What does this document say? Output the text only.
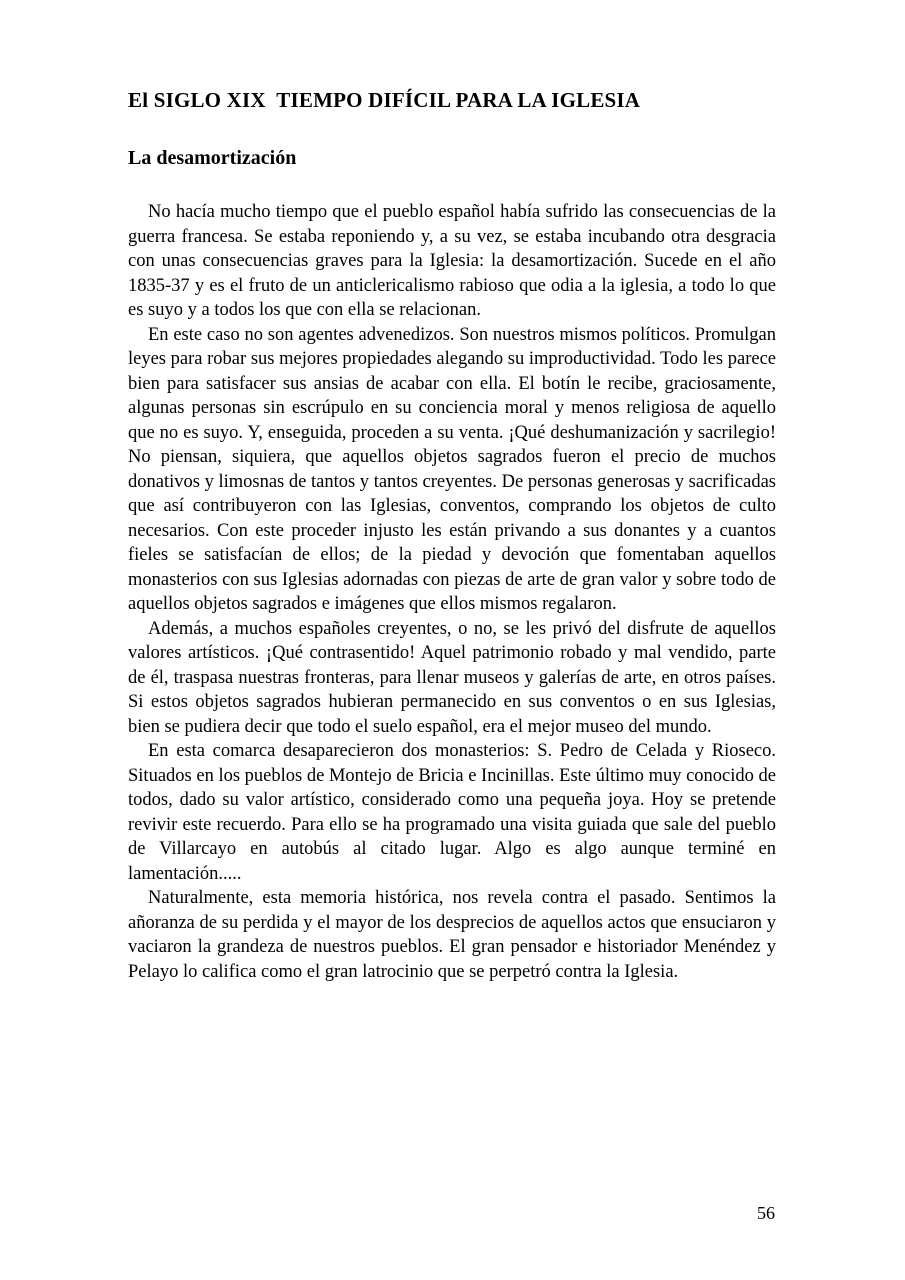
El SIGLO XIX  TIEMPO DIFÍCIL PARA LA IGLESIA
La desamortización

No hacía mucho tiempo que el pueblo español había sufrido las consecuencias de la guerra francesa. Se estaba reponiendo y, a su vez, se estaba incubando otra desgracia con unas consecuencias graves para la Iglesia: la desamortización. Sucede en el año 1835-37 y es el fruto de un anticlericalismo rabioso que odia a la iglesia, a todo lo que es suyo y a todos los que con ella se relacionan.

En este caso no son agentes advenedizos. Son nuestros mismos políticos. Promulgan leyes para robar sus mejores propiedades alegando su improductividad. Todo les parece bien para satisfacer sus ansias de acabar con ella. El botín le recibe, graciosamente, algunas personas sin escrúpulo en su conciencia moral y menos religiosa de aquello que no es suyo. Y, enseguida, proceden a su venta. ¡Qué deshumanización y sacrilegio! No piensan, siquiera, que aquellos objetos sagrados fueron el precio de muchos donativos y limosnas de tantos y tantos creyentes. De personas generosas y sacrificadas que así contribuyeron con las Iglesias, conventos, comprando los objetos de culto necesarios. Con este proceder injusto les están privando a sus donantes y a cuantos fieles se satisfacían de ellos; de la piedad y devoción que fomentaban aquellos monasterios con sus Iglesias adornadas con piezas de arte de gran valor y sobre todo de aquellos objetos sagrados e imágenes que ellos mismos regalaron.

Además, a muchos españoles creyentes, o no, se les privó del disfrute de aquellos valores artísticos. ¡Qué contrasentido! Aquel patrimonio robado y mal vendido, parte de él, traspasa nuestras fronteras, para llenar museos y galerías de arte, en otros países. Si estos objetos sagrados hubieran permanecido en sus conventos o en sus Iglesias, bien se pudiera decir que todo el suelo español, era el mejor museo del mundo.

En esta comarca desaparecieron dos monasterios: S. Pedro de Celada y Rioseco. Situados en los pueblos de Montejo de Bricia e Incinillas. Este último muy conocido de todos, dado su valor artístico, considerado como una pequeña joya. Hoy se pretende revivir este recuerdo. Para ello se ha programado una visita guiada que sale del pueblo de Villarcayo en autobús al citado lugar. Algo es algo aunque terminé en lamentación.....

Naturalmente, esta memoria histórica, nos revela contra el pasado. Sentimos la añoranza de su perdida y el mayor de los desprecios de aquellos actos que ensuciaron y vaciaron la grandeza de nuestros pueblos. El gran pensador e historiador Menéndez y Pelayo lo califica como el gran latrocinio que se perpetró contra la Iglesia.

56
